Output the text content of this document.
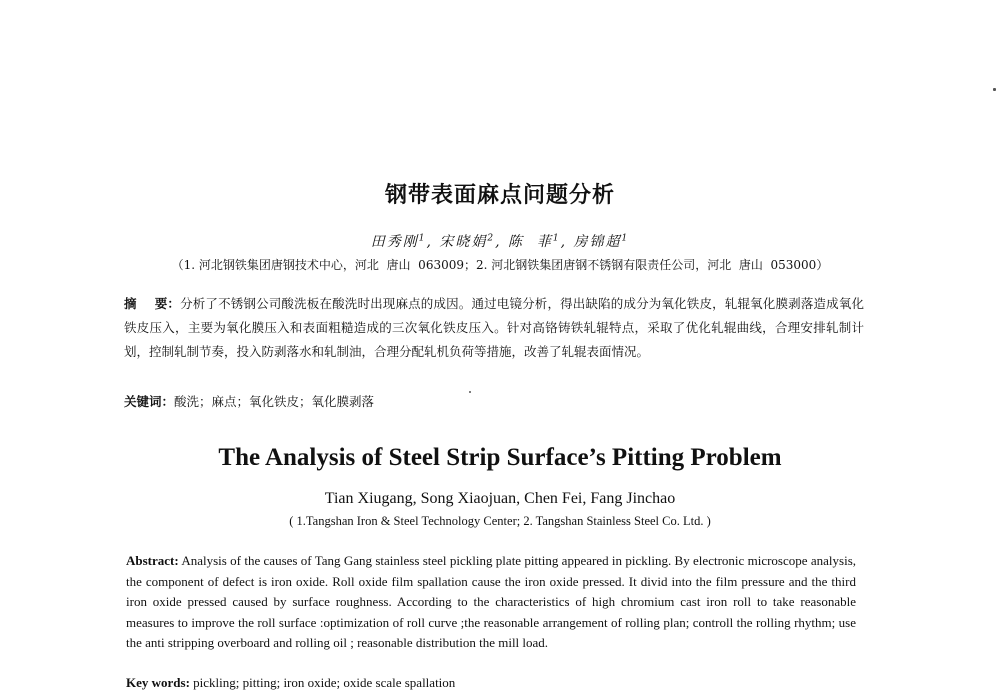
钢带表面麻点问题分析
田秀刚$^1$, 宋晓娟$^2$, 陈  菲$^1$, 房锦超$^1$
（1. 河北钢铁集团唐钢技术中心，河北  唐山  063009；2. 河北钢铁集团唐钢不锈钢有限责任公司，河北  唐山  053000）
摘    要：分析了不锈钢公司酸洗板在酸洗时出现麻点的成因。通过电镜分析，得出缺陷的成分为氧化铁皮，轧辊氧化膜剥落造成氧化铁皮压入，主要为氧化膜压入和表面粗糙造成的三次氧化铁皮压入。针对高铬铸铁轧辊特点，采取了优化轧辊曲线，合理安排轧制计划，控制轧制节奏，投入防剥落水和轧制油，合理分配轧机负荷等措施，改善了轧辊表面情况。
关键词：酸洗；麻点；氧化铁皮；氧化膜剥落
The Analysis of Steel Strip Surface’s Pitting Problem
Tian Xiugang, Song Xiaojuan, Chen Fei, Fang Jinchao
( 1.Tangshan Iron & Steel Technology Center; 2. Tangshan Stainless Steel Co. Ltd. )
Abstract: Analysis of the causes of Tang Gang stainless steel pickling plate pitting appeared in pickling. By electronic microscope analysis, the component of defect is iron oxide. Roll oxide film spallation cause the iron oxide pressed. It divid into the film pressure and the third iron oxide pressed caused by surface roughness. According to the characteristics of high chromium cast iron roll to take reasonable measures to improve the roll surface :optimization of roll curve ;the reasonable arrangement of rolling plan; controll the rolling rhythm; use the anti stripping overboard and rolling oil ; reasonable distribution the mill load.
Key words: pickling; pitting; iron oxide; oxide scale spallation
